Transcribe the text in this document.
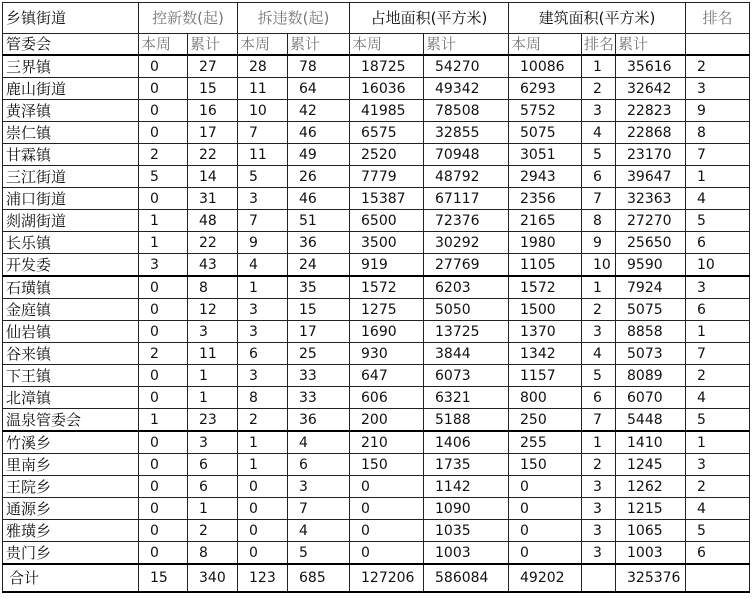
乡镇街道	控新数(起)		拆违数(起)		占地面积(平方米)		建筑面积(平方米)			排名
管委会	本周	累计	本周	累计	本周	累计	本周	排名	累计	
三界镇	0	27	28	78	18725	54270	10086	1	35616	2
鹿山街道	0	15	11	64	16036	49342	6293	2	32642	3
黄泽镇	0	16	10	42	41985	78508	5752	3	22823	9
崇仁镇	0	17	7	46	6575	32855	5075	4	22868	8
甘霖镇	2	22	11	49	2520	70948	3051	5	23170	7
三江街道	5	14	5	26	7779	48792	2943	6	39647	1
浦口街道	0	31	3	46	15387	67117	2356	7	32363	4
剡湖街道	1	48	7	51	6500	72376	2165	8	27270	5
长乐镇	1	22	9	36	3500	30292	1980	9	25650	6
开发委	3	43	4	24	919	27769	1105	10	9590	10
石璜镇	0	8	1	35	1572	6203	1572	1	7924	3
金庭镇	0	12	3	15	1275	5050	1500	2	5075	6
仙岩镇	0	3	3	17	1690	13725	1370	3	8858	1
谷来镇	2	11	6	25	930	3844	1342	4	5073	7
下王镇	0	1	3	33	647	6073	1157	5	8089	2
北漳镇	0	1	8	33	606	6321	800	6	6070	4
温泉管委会	1	23	2	36	200	5188	250	7	5448	5
竹溪乡	0	3	1	4	210	1406	255	1	1410	1
里南乡	0	6	1	6	150	1735	150	2	1245	3
王院乡	0	6	0	3	0	1142	0	3	1262	2
通源乡	0	1	0	7	0	1090	0	3	1215	4
雅璜乡	0	2	0	4	0	1035	0	3	1065	5
贵门乡	0	8	0	5	0	1003	0	3	1003	6
合计	15	340	123	685	127206	586084	49202		325376	
